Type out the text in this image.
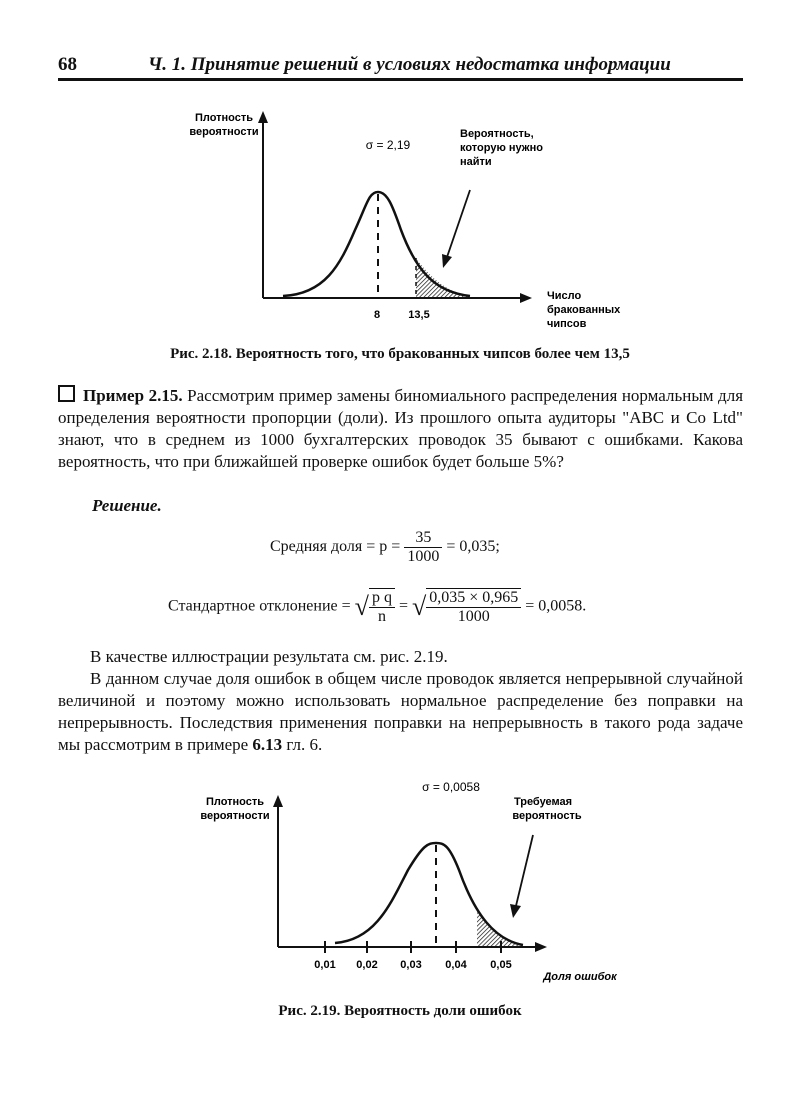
68	Ч. 1. Принятие решений в условиях недостатка информации
Плотность
вероятности
σ = 2,19
Вероятность,
которую нужно
найти
Число
бракованных
чипсов
8	13,5
Рис. 2.18. Вероятность того, что бракованных чипсов более чем 13,5
Пример 2.15. Рассмотрим пример замены биномиального распределения нормальным для определения вероятности пропорции (доли). Из прошлого опыта аудиторы "ABC и Co Ltd" знают, что в среднем из 1000 бухгалтерских проводок 35 бывают с ошибками. Какова вероятность, что при ближайшей проверке ошибок будет больше 5%?
Решение.
Средняя доля = $p = \frac{35}{1000} = 0,035$;
Стандартное отклонение = √ $\frac{\text{p q}}{n}$ = √ $\frac{0,035 \times 0,965}{1000} = 0,0058$.
В качестве иллюстрации результата см. рис. 2.19.
В данном случае доля ошибок в общем числе проводок является непрерывной случайной величиной и поэтому можно использовать нормальное распределение без поправки на непрерывность. Последствия применения поправки на непрерывность в такого рода задаче мы рассмотрим в примере 6.13 гл. 6.
σ = 0,0058
Плотность
вероятности
Требуемая
вероятность
0,01 0,02 0,03 0,04 0,05
Доля ошибок
Рис. 2.19. Вероятность доли ошибок
